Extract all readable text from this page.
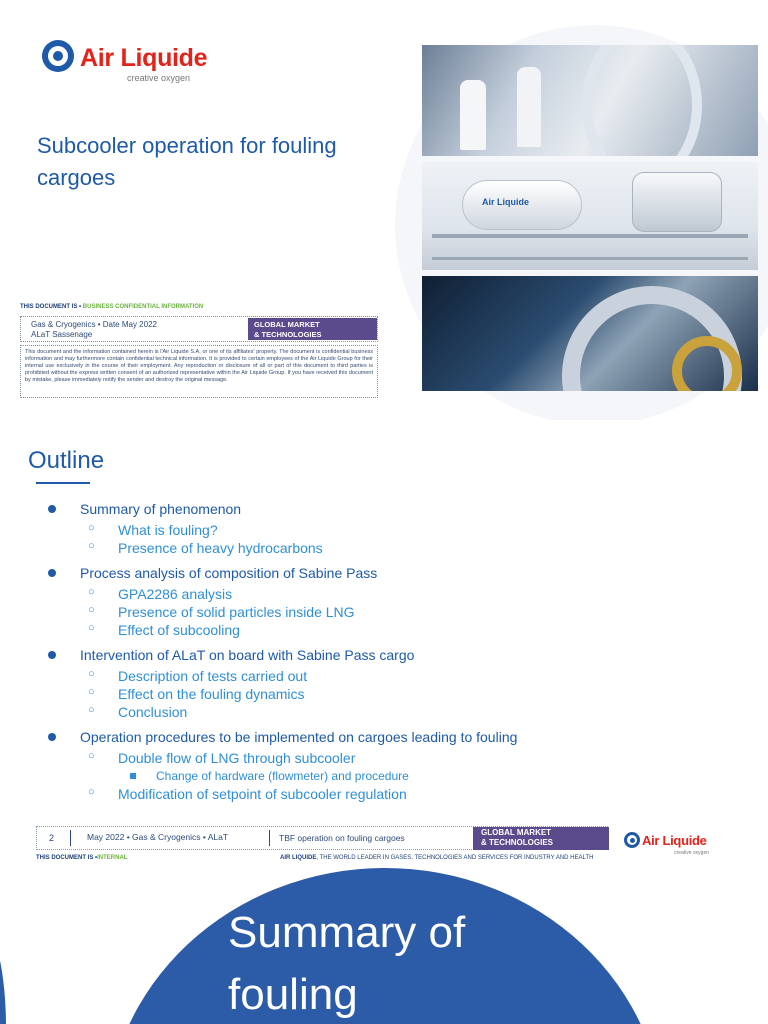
Air Liquide
creative oxygen
Subcooler operation for fouling cargoes
Air Liquide
THIS DOCUMENT IS • BUSINESS CONFIDENTIAL INFORMATION
Gas & Cryogenics • Date May 2022
ALaT Sassenage
GLOBAL MARKET
& TECHNOLOGIES
This document and the information contained herein is l'Air Liquide S.A. or one of its affiliates' property. The document is confidential business information and may furthermore contain confidential technical information. It is provided to certain employees of the Air Liquide Group for their internal use exclusively in the course of their employment. Any reproduction or disclosure of all or part of this document to third parties is prohibited without the express written consent of an authorized representative within the Air Liquide Group. If you have received this document by mistake, please immediately notify the sender and destroy the original message.
Outline
Summary of phenomenon
○ What is fouling?
○ Presence of heavy hydrocarbons
Process analysis of composition of Sabine Pass
○ GPA2286 analysis
○ Presence of solid particles inside LNG
○ Effect of subcooling
Intervention of ALaT on board with Sabine Pass cargo
○ Description of tests carried out
○ Effect on the fouling dynamics
○ Conclusion
Operation procedures to be implemented on cargoes leading to fouling
○ Double flow of LNG through subcooler
Change of hardware (flowmeter) and procedure
○ Modification of setpoint of subcooler regulation
2	May 2022 • Gas & Cryogenics • ALaT	TBF operation on fouling cargoes
GLOBAL MARKET
& TECHNOLOGIES	Air Liquide
creative oxygen
THIS DOCUMENT IS •INTERNAL	AIR LIQUIDE, THE WORLD LEADER IN GASES, TECHNOLOGIES AND SERVICES FOR INDUSTRY AND HEALTH
Summary of
fouling
